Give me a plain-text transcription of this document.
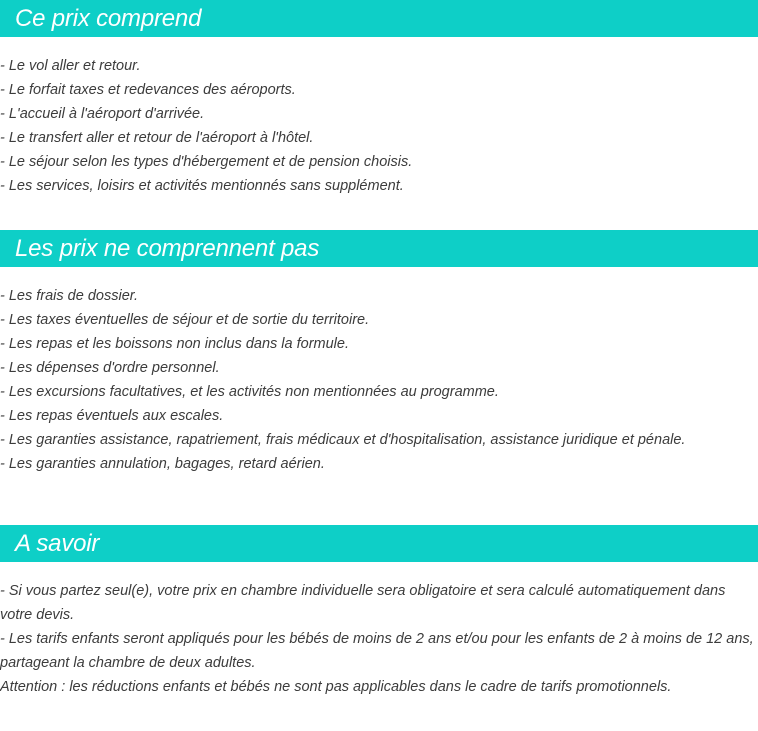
Ce prix comprend

- Le vol aller et retour.

- Le forfait taxes et redevances des aéroports.

- L'accueil à l'aéroport d'arrivée.

- Le transfert aller et retour de l'aéroport à l'hôtel.

- Le séjour selon les types d'hébergement et de pension choisis.

- Les services, loisirs et activités mentionnés sans supplément.

Les prix ne comprennent pas

- Les frais de dossier.

- Les taxes éventuelles de séjour et de sortie du territoire.

- Les repas et les boissons non inclus dans la formule.

- Les dépenses d'ordre personnel.

- Les excursions facultatives, et les activités non mentionnées au programme.

- Les repas éventuels aux escales.

- Les garanties assistance, rapatriement, frais médicaux et d'hospitalisation, assistance juridique et pénale.

- Les garanties annulation, bagages, retard aérien.

A savoir

- Si vous partez seul(e), votre prix en chambre individuelle sera obligatoire et sera calculé automatiquement dans votre devis.

- Les tarifs enfants seront appliqués pour les bébés de moins de 2 ans et/ou pour les enfants de 2 à moins de 12 ans, partageant la chambre de deux adultes.

Attention : les réductions enfants et bébés ne sont pas applicables dans le cadre de tarifs promotionnels.
